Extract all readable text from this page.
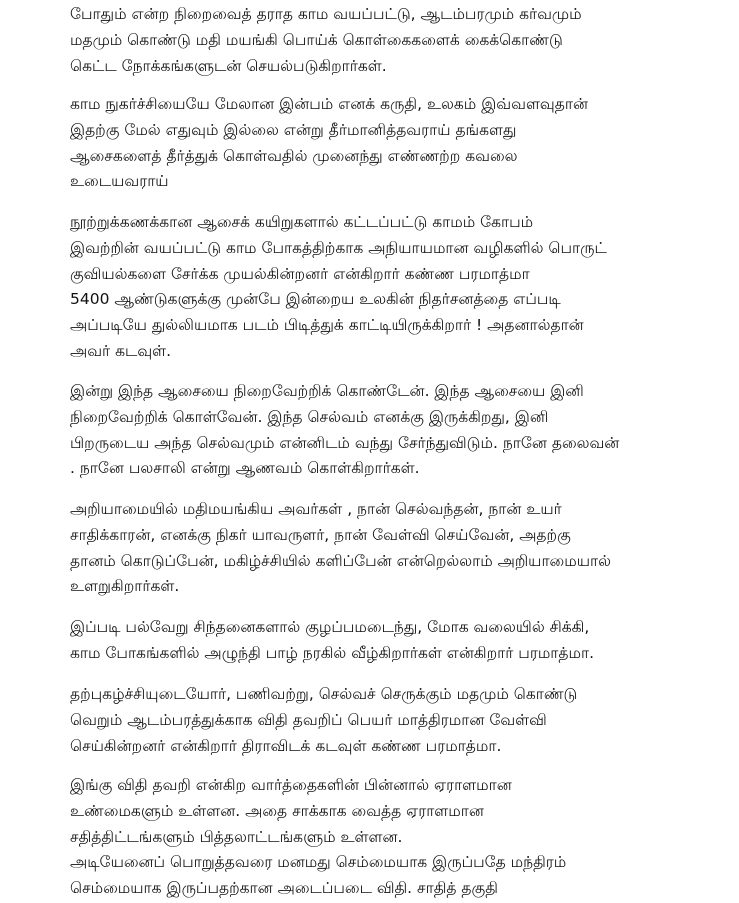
போதும் என்ற நிறைவைத் தராத காம வயப்பட்டு, ஆடம்பரமும் கர்வமும்
மதமும் கொண்டு மதி மயங்கி பொய்க் கொள்கைகளைக் கைக்கொண்டு
கெட்ட நோக்கங்களுடன் செயல்படுகிறார்கள்.
காம நுகர்ச்சியையே மேலான இன்பம் எனக் கருதி, உலகம் இவ்வளவுதான்
இதற்கு மேல் எதுவும் இல்லை என்று தீர்மானித்தவராய் தங்களது
ஆசைகளைத் தீர்த்துக் கொள்வதில் முனைந்து எண்ணற்ற கவலை
உடையவராய்
நூற்றுக்கணக்கான ஆசைக் கயிறுகளால் கட்டப்பட்டு காமம் கோபம்
இவற்றின் வயப்பட்டு காம போகத்திற்காக அநியாயமான வழிகளில் பொருட்
குவியல்களை சேர்க்க முயல்கின்றனர் என்கிறார் கண்ண பரமாத்மா
5400 ஆண்டுகளுக்கு முன்பே இன்றைய உலகின் நிதர்சனத்தை எப்படி
அப்படியே துல்லியமாக படம் பிடித்துக் காட்டியிருக்கிறார் ! அதனால்தான்
அவர் கடவுள்.
இன்று இந்த ஆசையை நிறைவேற்றிக் கொண்டேன். இந்த ஆசையை இனி
நிறைவேற்றிக் கொள்வேன். இந்த செல்வம் எனக்கு இருக்கிறது, இனி
பிறருடைய அந்த செல்வமும் என்னிடம் வந்து சேர்ந்துவிடும். நானே தலைவன்
. நானே பலசாலி என்று ஆணவம் கொள்கிறார்கள்.
அறியாமையில் மதிமயங்கிய அவர்கள் , நான் செல்வந்தன், நான் உயர்
சாதிக்காரன், எனக்கு நிகர் யாவருளர், நான் வேள்வி செய்வேன், அதற்கு
தானம் கொடுப்பேன், மகிழ்ச்சியில் களிப்பேன் என்றெல்லாம் அறியாமையால்
உளறுகிறார்கள்.
இப்படி பல்வேறு சிந்தனைகளால் குழப்பமடைந்து, மோக வலையில் சிக்கி,
காம போகங்களில் அழுந்தி பாழ் நரகில் வீழ்கிறார்கள் என்கிறார் பரமாத்மா.
தற்புகழ்ச்சியுடையோர், பணிவற்று, செல்வச் செருக்கும் மதமும் கொண்டு
வெறும் ஆடம்பரத்துக்காக விதி தவறிப் பெயர் மாத்திரமான வேள்வி
செய்கின்றனர் என்கிறார் திராவிடக் கடவுள் கண்ண பரமாத்மா.
இங்கு விதி தவறி என்கிற வார்த்தைகளின் பின்னால் ஏராளமான
உண்மைகளும் உள்ளன. அதை சாக்காக வைத்த ஏராளமான
சதித்திட்டங்களும் பித்தலாட்டங்களும் உள்ளன.
அடியேனைப் பொறுத்தவரை மனமது செம்மையாக இருப்பதே மந்திரம்
செம்மையாக இருப்பதற்கான அடைப்படை விதி. சாதித் தகுதி
